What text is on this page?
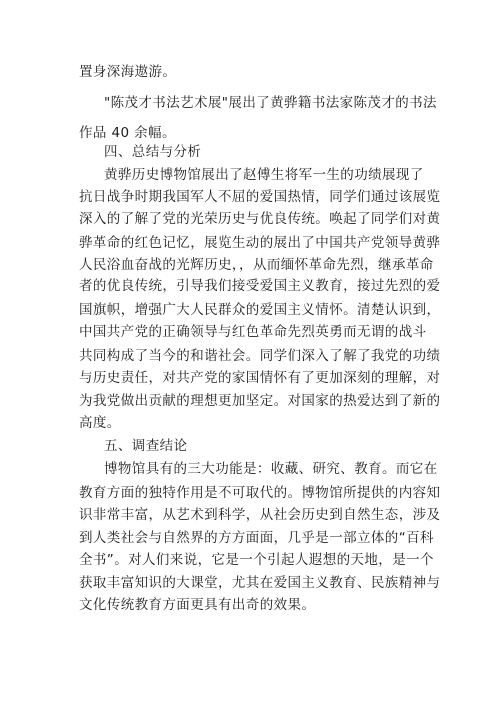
置身深海遨游。
"陈茂才书法艺术展"展出了黄骅籍书法家陈茂才的书法
作品 40 余幅。
四、总结与分析
黄骅历史博物馆展出了赵傅生将军一生的功绩展现了
抗日战争时期我国军人不屈的爱国热情，同学们通过该展览
深入的了解了党的光荣历史与优良传统。唤起了同学们对黄
骅革命的红色记忆，展览生动的展出了中国共产党领导黄骅
人民浴血奋战的光辉历史，，从而缅怀革命先烈，继承革命
者的优良传统，引导我们接受爱国主义教育，接过先烈的爱
国旗帜，增强广大人民群众的爱国主义情怀。清楚认识到，
中国共产党的正确领导与红色革命先烈英勇而无谓的战斗
共同构成了当今的和谐社会。同学们深入了解了我党的功绩
与历史责任，对共产党的家国情怀有了更加深刻的理解，对
为我党做出贡献的理想更加坚定。对国家的热爱达到了新的
高度。
五、调查结论
博物馆具有的三大功能是：收藏、研究、教育。而它在
教育方面的独特作用是不可取代的。博物馆所提供的内容知
识非常丰富，从艺术到科学，从社会历史到自然生态，涉及
到人类社会与自然界的方方面面，几乎是一部立体的“百科
全书”。对人们来说，它是一个引起人遐想的天地，是一个
获取丰富知识的大课堂，尤其在爱国主义教育、民族精神与
文化传统教育方面更具有出奇的效果。
